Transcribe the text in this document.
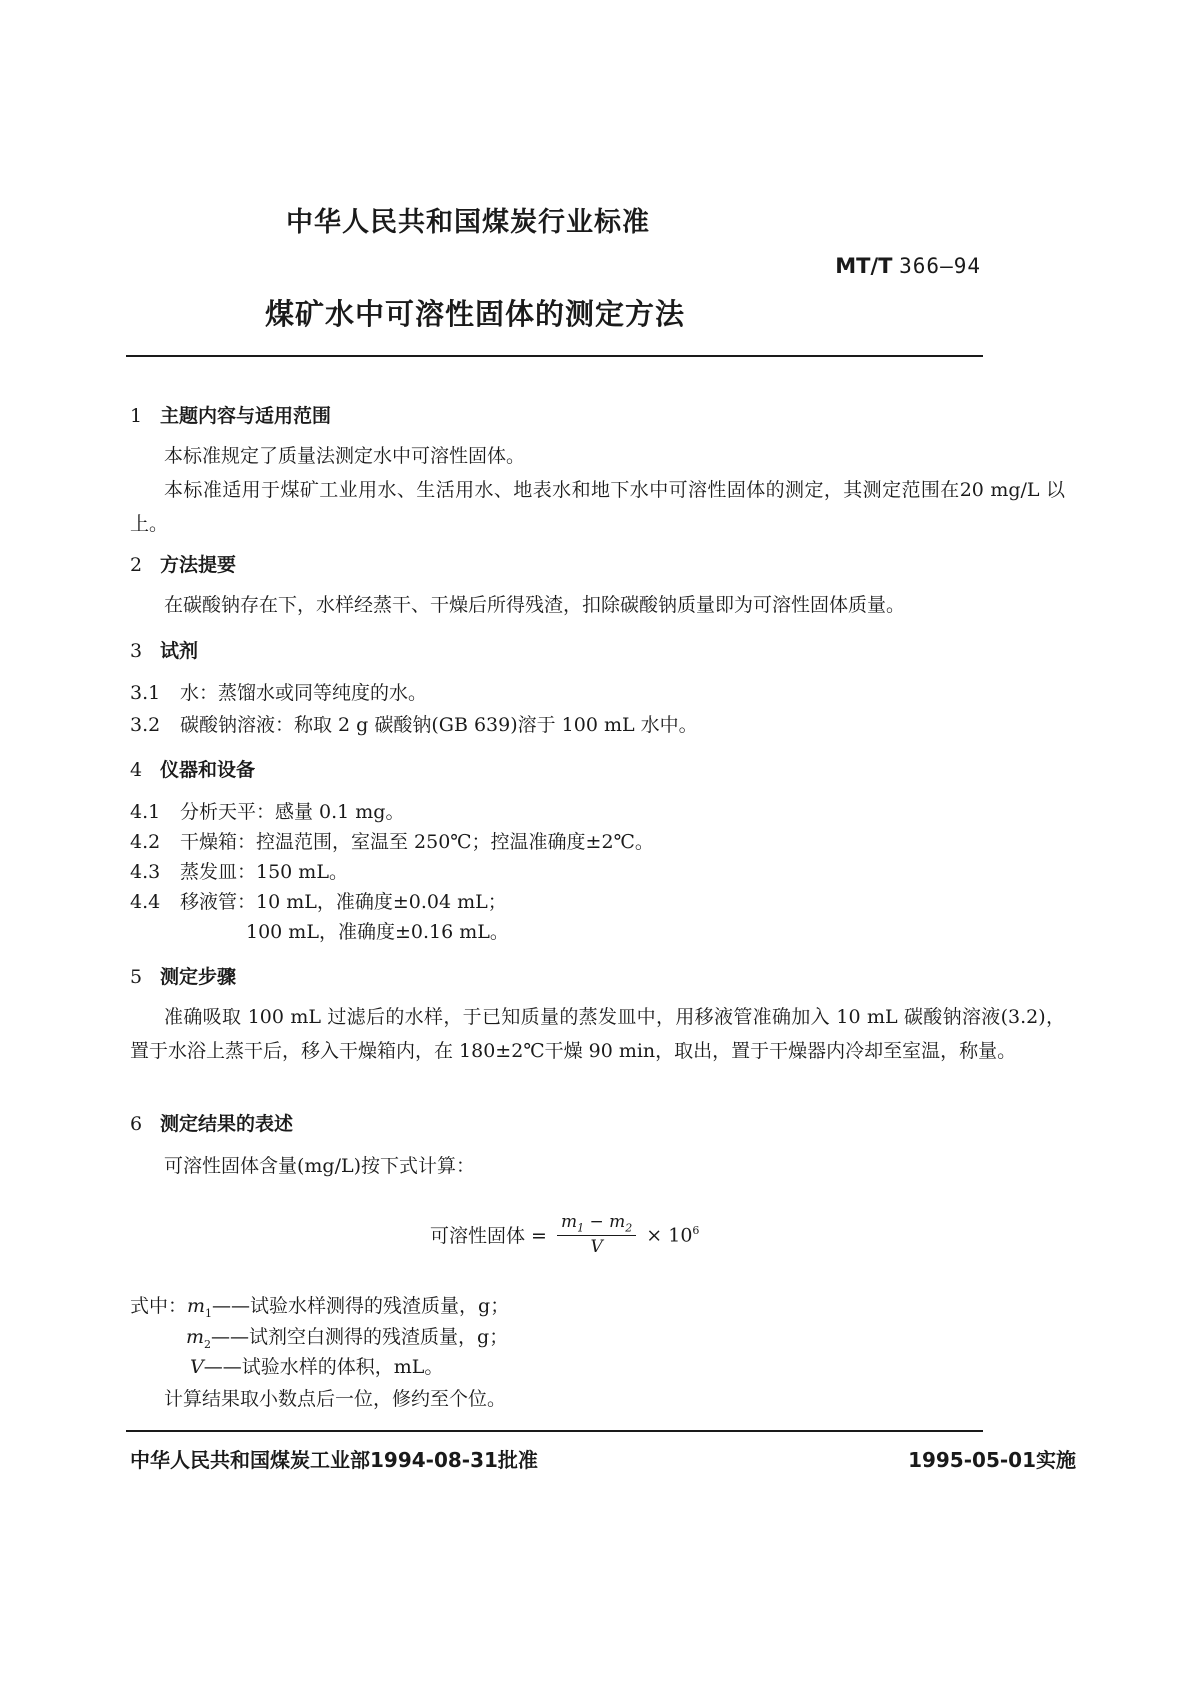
中华人民共和国煤炭行业标准
MT/T 366—94
煤矿水中可溶性固体的测定方法
1 主题内容与适用范围
本标准规定了质量法测定水中可溶性固体。
本标准适用于煤矿工业用水、生活用水、地表水和地下水中可溶性固体的测定，其测定范围在20 mg/L 以上。
2 方法提要
在碳酸钠存在下，水样经蒸干、干燥后所得残渣，扣除碳酸钠质量即为可溶性固体质量。
3 试剂
3.1 水：蒸馏水或同等纯度的水。
3.2 碳酸钠溶液：称取 2 g 碳酸钠(GB 639)溶于 100 mL 水中。
4 仪器和设备
4.1 分析天平：感量 0.1 mg。
4.2 干燥箱：控温范围，室温至 250℃；控温准确度±2℃。
4.3 蒸发皿：150 mL。
4.4 移液管：10 mL，准确度±0.04 mL；
100 mL，准确度±0.16 mL。
5 测定步骤
准确吸取 100 mL 过滤后的水样，于已知质量的蒸发皿中，用移液管准确加入 10 mL 碳酸钠溶液(3.2)，置于水浴上蒸干后，移入干燥箱内，在 180±2℃干燥 90 min，取出，置于干燥器内冷却至室温，称量。
6 测定结果的表述
可溶性固体含量(mg/L)按下式计算：
可溶性固体 = $\frac{m_1 - m_2}{V} \times 10^6$
式中：$m_1——$试验水样测得的残渣质量，g；
$m_2——$试剂空白测得的残渣质量，g；
V——试验水样的体积，mL。
计算结果取小数点后一位，修约至个位。
中华人民共和国煤炭工业部1994-08-31批准	1995-05-01实施
